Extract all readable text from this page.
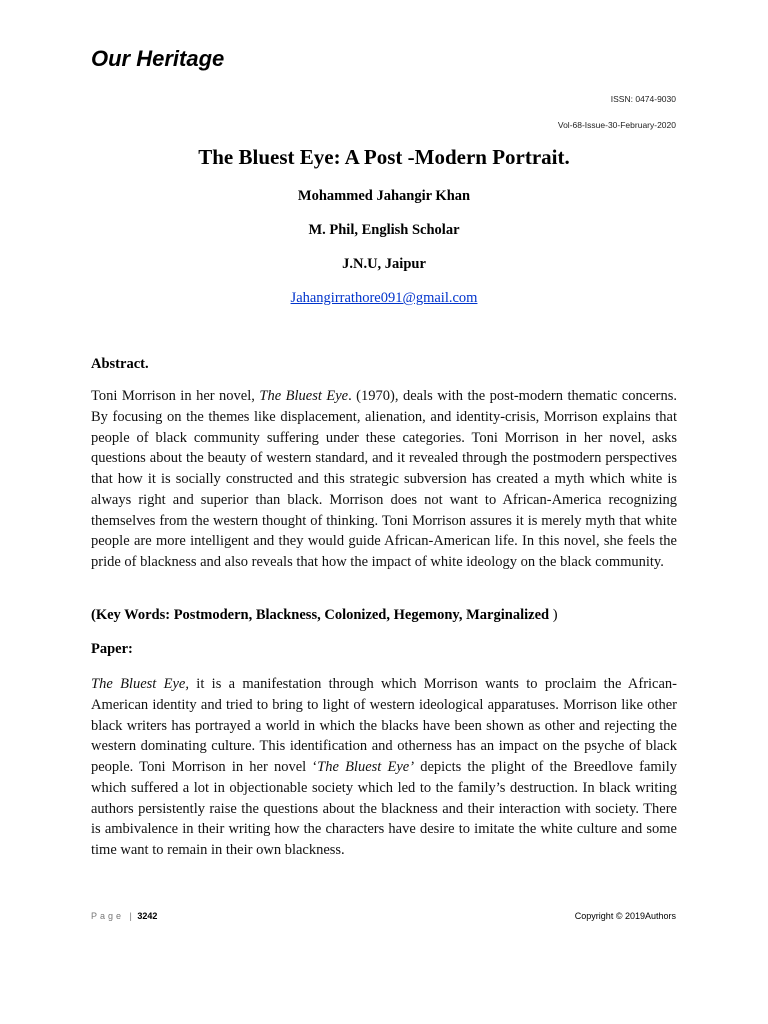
Our Heritage
ISSN: 0474-9030
Vol-68-Issue-30-February-2020
The Bluest Eye: A Post -Modern Portrait.
Mohammed Jahangir Khan
M. Phil, English Scholar
J.N.U, Jaipur
Jahangirrathore091@gmail.com
Abstract.

Toni Morrison in her novel, The Bluest Eye. (1970), deals with the post-modern thematic concerns. By focusing on the themes like displacement, alienation, and identity-crisis, Morrison explains that people of black community suffering under these categories. Toni Morrison in her novel, asks questions about the beauty of western standard, and it revealed through the postmodern perspectives that how it is socially constructed and this strategic subversion has created a myth which white is always right and superior than black. Morrison does not want to African-America recognizing themselves from the western thought of thinking. Toni Morrison assures it is merely myth that white people are more intelligent and they would guide African-American life. In this novel, she feels the pride of blackness and also reveals that how the impact of white ideology on the black community.

(Key Words: Postmodern, Blackness, Colonized, Hegemony, Marginalized )
Paper:

The Bluest Eye, it is a manifestation through which Morrison wants to proclaim the African-American identity and tried to bring to light of western ideological apparatuses. Morrison like other black writers has portrayed a world in which the blacks have been shown as other and rejecting the western dominating culture. This identification and otherness has an impact on the psyche of black people. Toni Morrison in her novel ‘The Bluest Eye’ depicts the plight of the Breedlove family which suffered a lot in objectionable society which led to the family’s destruction. In black writing authors persistently raise the questions about the blackness and their interaction with society. There is ambivalence in their writing how the characters have desire to imitate the white culture and some time want to remain in their own blackness.

Page | 3242	Copyright © 2019Authors
